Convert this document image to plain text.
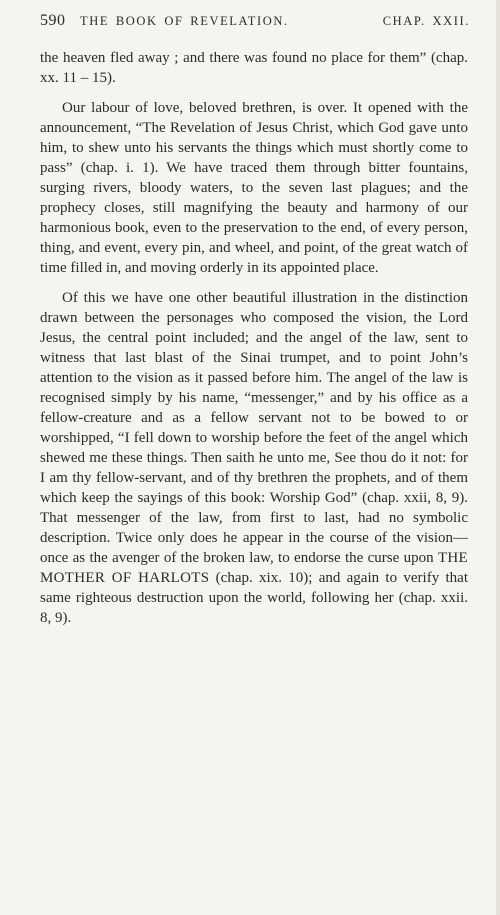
590 THE BOOK OF REVELATION.	CHAP. XXII.

the heaven fled away ; and there was found no place for them” (chap. xx. 11 – 15).

Our labour of love, beloved brethren, is over. It opened with the announcement, “The Revelation of Jesus Christ, which God gave unto him, to shew unto his servants the things which must shortly come to pass” (chap. i. 1). We have traced them through bitter fountains, surging rivers, bloody waters, to the seven last plagues; and the prophecy closes, still magnifying the beauty and harmony of our harmonious book, even to the preservation to the end, of every person, thing, and event, every pin, and wheel, and point, of the great watch of time filled in, and moving orderly in its appointed place.

Of this we have one other beautiful illustration in the distinction drawn between the personages who composed the vision, the Lord Jesus, the central point included; and the angel of the law, sent to witness that last blast of the Sinai trumpet, and to point John’s attention to the vision as it passed before him. The angel of the law is recognised simply by his name, “messenger,” and by his office as a fellow-creature and as a fellow servant not to be bowed to or worshipped, “I fell down to worship before the feet of the angel which shewed me these things. Then saith he unto me, See thou do it not: for I am thy fellow-servant, and of thy brethren the prophets, and of them which keep the sayings of this book: Worship God” (chap. xxii, 8, 9). That messenger of the law, from first to last, had no symbolic description. Twice only does he appear in the course of the vision—once as the avenger of the broken law, to endorse the curse upon THE MOTHER OF HARLOTS (chap. xix. 10); and again to verify that same righteous destruction upon the world, following her (chap. xxii. 8, 9).
